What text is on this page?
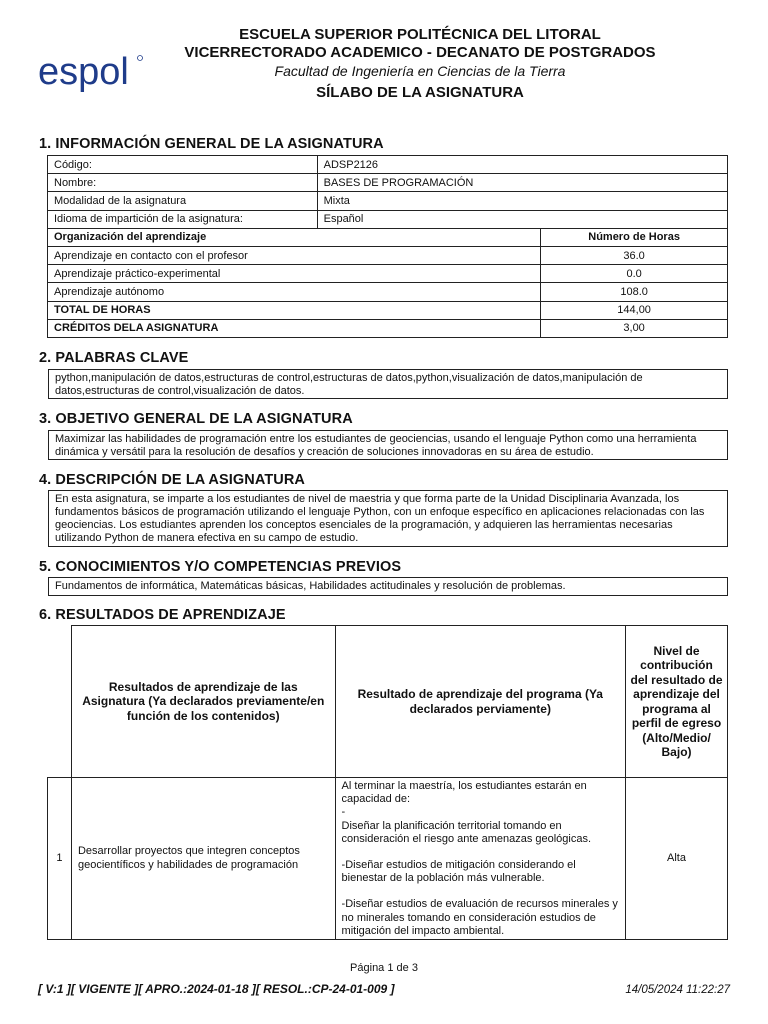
espol
ESCUELA SUPERIOR POLITÉCNICA DEL LITORAL
VICERRECTORADO ACADEMICO - DECANATO DE POSTGRADOS
Facultad de Ingeniería en Ciencias de la Tierra
SÍLABO DE LA ASIGNATURA
1. INFORMACIÓN GENERAL DE LA ASIGNATURA
Código:	ADSP2126	
Nombre:	BASES DE PROGRAMACIÓN	
Modalidad de la asignatura	Mixta	
Idioma de impartición de la asignatura:	Español	
Organización del aprendizaje		Número de Horas
Aprendizaje en contacto con el profesor		36.0
Aprendizaje práctico-experimental		0.0
Aprendizaje autónomo		108.0
TOTAL DE HORAS		144,00
CRÉDITOS DELA ASIGNATURA		3,00
2. PALABRAS CLAVE
python,manipulación de datos,estructuras de control,estructuras de datos,python,visualización de datos,manipulación de datos,estructuras de control,visualización de datos.
3. OBJETIVO GENERAL DE LA ASIGNATURA
Maximizar las habilidades de programación entre los estudiantes de geociencias, usando el lenguaje Python como una herramienta dinámica y versátil para la resolución de desafíos y creación de soluciones innovadoras en su área de estudio.
4. DESCRIPCIÓN DE LA ASIGNATURA
En esta asignatura, se imparte a los estudiantes de nivel de maestria y que forma parte de la Unidad Disciplinaria Avanzada, los fundamentos básicos de programación utilizando el lenguaje Python, con un enfoque específico en aplicaciones relacionadas con las geociencias. Los estudiantes aprenden los conceptos esenciales de la programación, y adquieren las herramientas necesarias utilizando Python de manera efectiva en su campo de estudio.
5. CONOCIMIENTOS Y/O COMPETENCIAS PREVIOS
Fundamentos de informática, Matemáticas básicas, Habilidades actitudinales y resolución de problemas.
6. RESULTADOS DE APRENDIZAJE
	Resultados de aprendizaje de las Asignatura (Ya declarados previamente/en función de los contenidos)	Resultado de aprendizaje del programa (Ya declarados perviamente)	Nivel de contribución del resultado de aprendizaje del programa al perfil de egreso (Alto/Medio/ Bajo)
1	Desarrollar proyectos que integren conceptos geocientíficos y habilidades de programación	Al terminar la maestría, los estudiantes estarán en capacidad de:
-
Diseñar la planificación territorial tomando en consideración el riesgo ante amenazas geológicas.
-Diseñar estudios de mitigación considerando el bienestar de la población más vulnerable.
-Diseñar estudios de evaluación de recursos minerales y no minerales tomando en consideración estudios de mitigación del impacto ambiental.	Alta
Página 1 de 3
[ V:1 ][ VIGENTE ][ APRO.:2024-01-18 ][ RESOL.:CP-24-01-009 ]	14/05/2024 11:22:27
